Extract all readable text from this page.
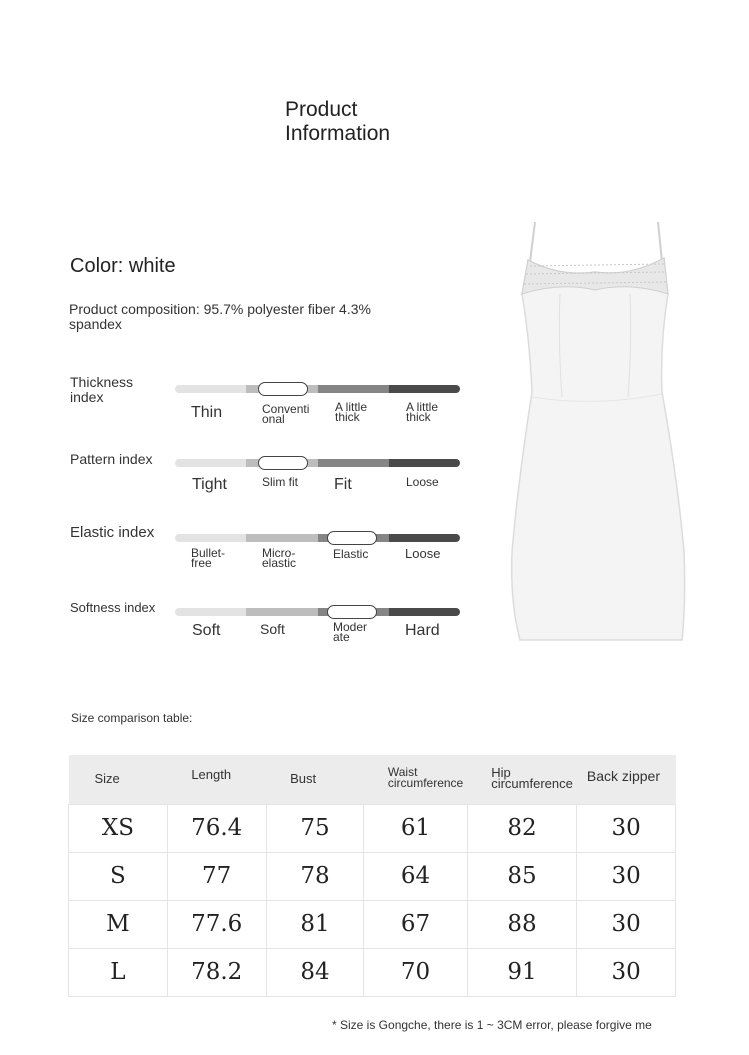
Product
Information
Color: white
Product composition: 95.7% polyester fiber 4.3% spandex
Thickness index
Thin	Conventi onal
A little thick
A little thick
Pattern index
Tight	Slim fit Fit	Loose
Elastic index
Bullet-free
Micro-elastic
Elastic	Loose
Softness index
Soft	Soft	Moder ate	Hard
Size comparison table:
Size	Length	Bust	Waist circumference	Hip circumference	Back zipper
XS	76.4	75	61	82	30
S	77	78	64	85	30
M	77.6	81	67	88	30
L	78.2	84	70	91	30
* Size is Gongche, there is 1 ~ 3CM error, please forgive me
